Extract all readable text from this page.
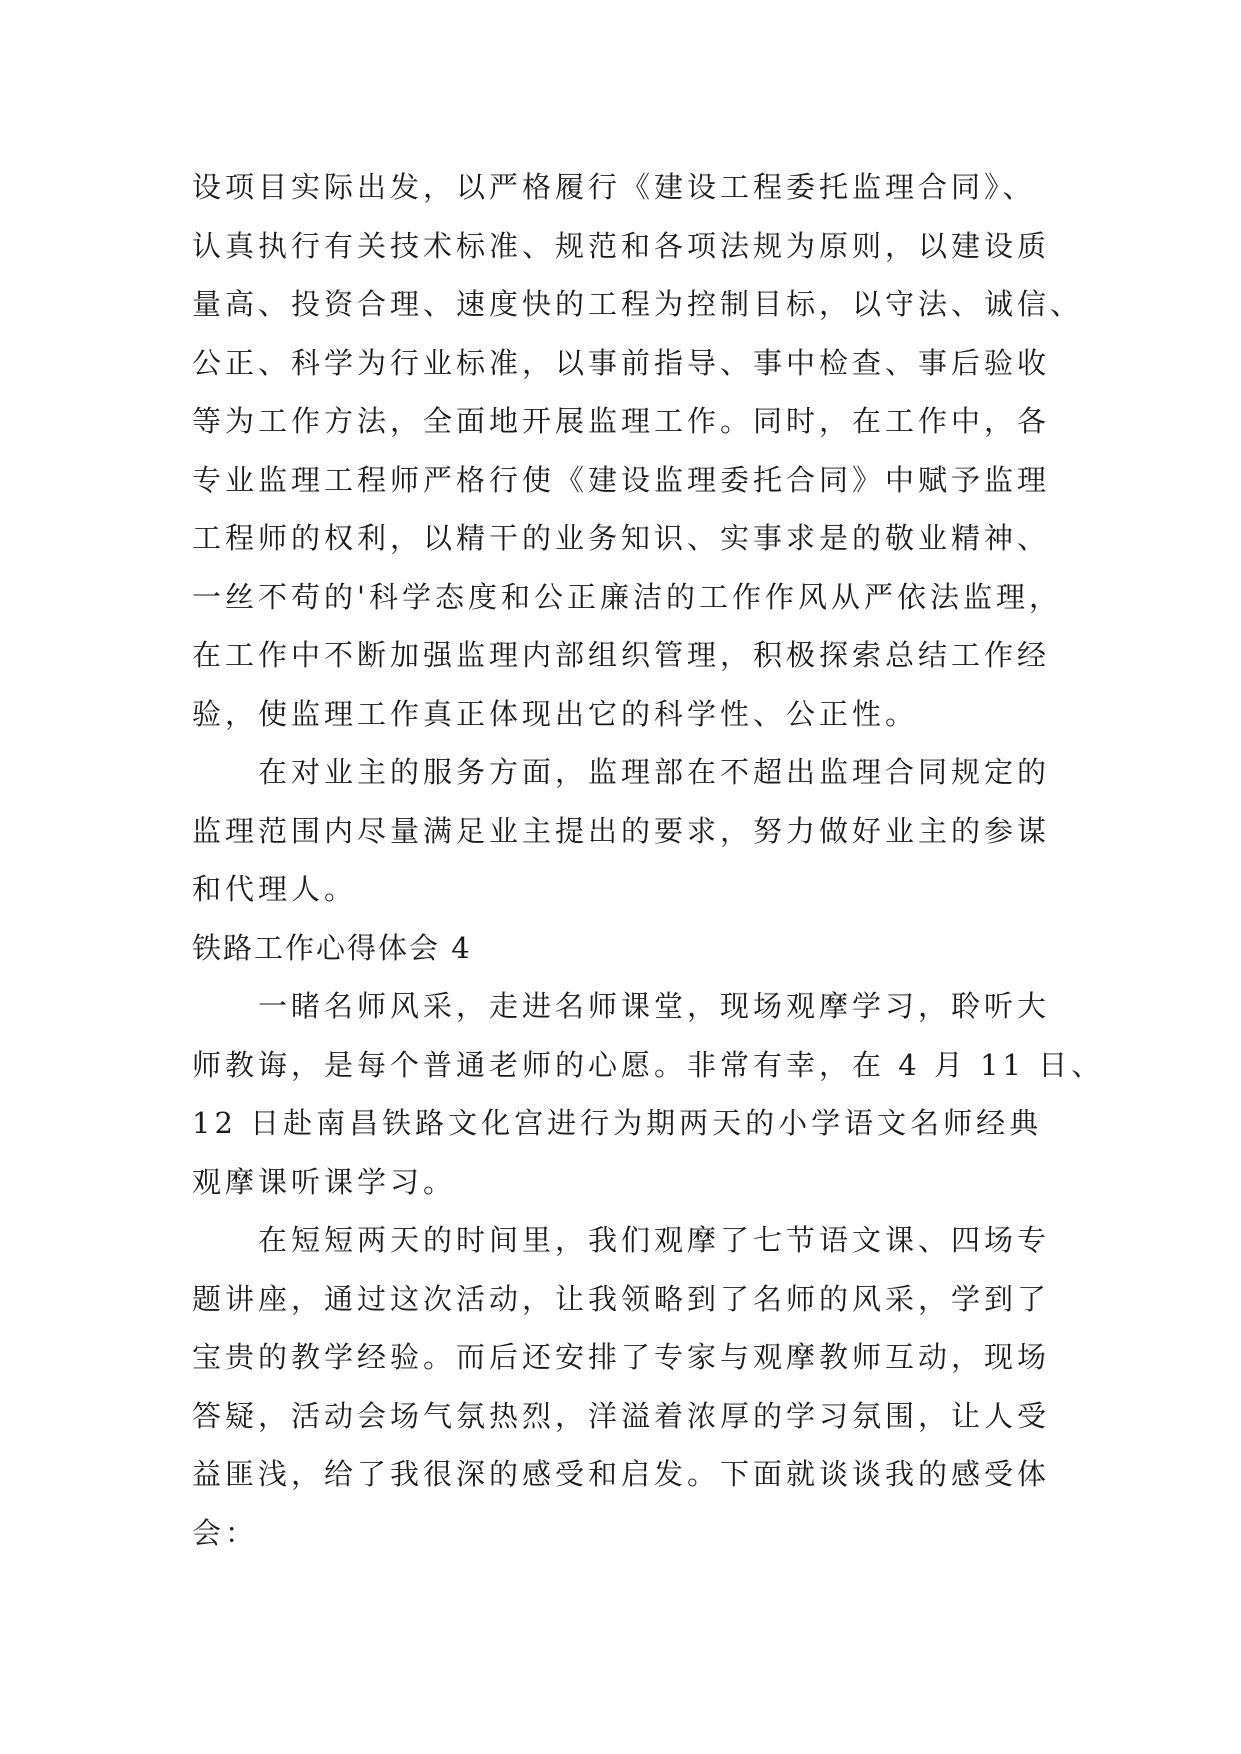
设项目实际出发，以严格履行《建设工程委托监理合同》、
认真执行有关技术标准、规范和各项法规为原则，以建设质
量高、投资合理、速度快的工程为控制目标，以守法、诚信、
公正、科学为行业标准，以事前指导、事中检查、事后验收
等为工作方法，全面地开展监理工作。同时，在工作中，各
专业监理工程师严格行使《建设监理委托合同》中赋予监理
工程师的权利，以精干的业务知识、实事求是的敬业精神、
一丝不苟的'科学态度和公正廉洁的工作作风从严依法监理，
在工作中不断加强监理内部组织管理，积极探索总结工作经
验，使监理工作真正体现出它的科学性、公正性。
　　在对业主的服务方面，监理部在不超出监理合同规定的
监理范围内尽量满足业主提出的要求，努力做好业主的参谋
和代理人。
铁路工作心得体会 4
　　一睹名师风采，走进名师课堂，现场观摩学习，聆听大
师教诲，是每个普通老师的心愿。非常有幸，在 4 月 11 日、
12 日赴南昌铁路文化宫进行为期两天的小学语文名师经典
观摩课听课学习。
　　在短短两天的时间里，我们观摩了七节语文课、四场专
题讲座，通过这次活动，让我领略到了名师的风采，学到了
宝贵的教学经验。而后还安排了专家与观摩教师互动，现场
答疑，活动会场气氛热烈，洋溢着浓厚的学习氛围，让人受
益匪浅，给了我很深的感受和启发。下面就谈谈我的感受体
会：
